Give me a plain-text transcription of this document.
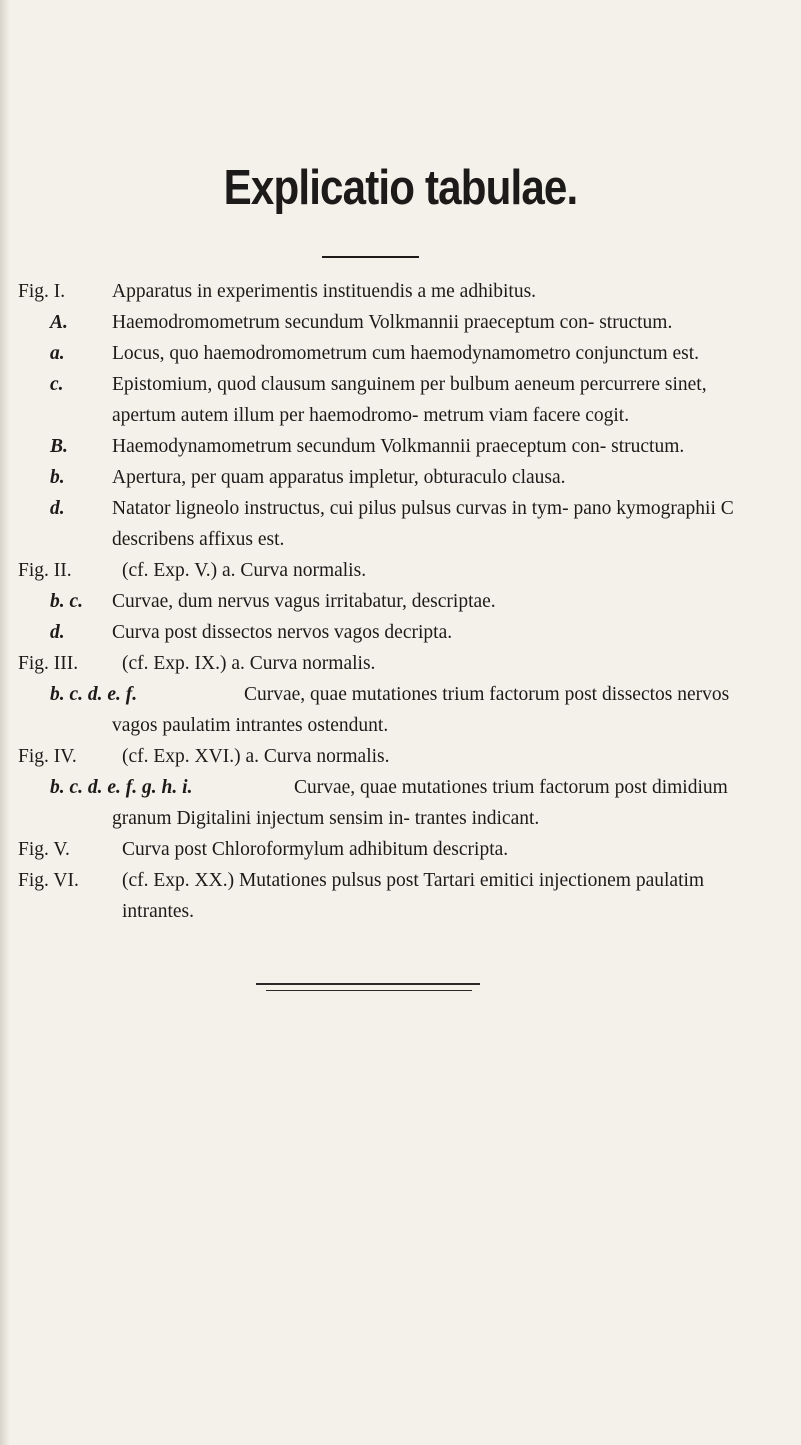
Explicatio tabulae.
Fig. I. Apparatus in experimentis instituendis a me adhibitus.
A. Haemodromometrum secundum Volkmannii praeceptum con- structum.
a. Locus, quo haemodromometrum cum haemodynamometro conjunctum est.
c. Epistomium, quod clausum sanguinem per bulbum aeneum percurrere sinet, apertum autem illum per haemodromo- metrum viam facere cogit.
B. Haemodynamometrum secundum Volkmannii praeceptum con- structum.
b. Apertura, per quam apparatus impletur, obturaculo clausa.
d. Natator ligneolo instructus, cui pilus pulsus curvas in tym- pano kymographii C describens affixus est.
Fig. II.	(cf. Exp. V.) a. Curva normalis.
b. c. Curvae, dum nervus vagus irritabatur, descriptae.
d. Curva post dissectos nervos vagos decripta.
Fig. III. (cf. Exp. IX.) a. Curva normalis.
b. c. d. e. f.	Curvae, quae mutationes trium factorum post dissectos nervos vagos paulatim intrantes ostendunt.
Fig. IV. (cf. Exp. XVI.) a. Curva normalis.
b. c. d. e. f. g. h. i.	Curvae, quae mutationes trium factorum post dimidium granum Digitalini injectum sensim in- trantes indicant.
Fig. V.	Curva post Chloroformylum adhibitum descripta.
Fig. VI. (cf. Exp. XX.) Mutationes pulsus post Tartari emitici injectionem paulatim intrantes.
